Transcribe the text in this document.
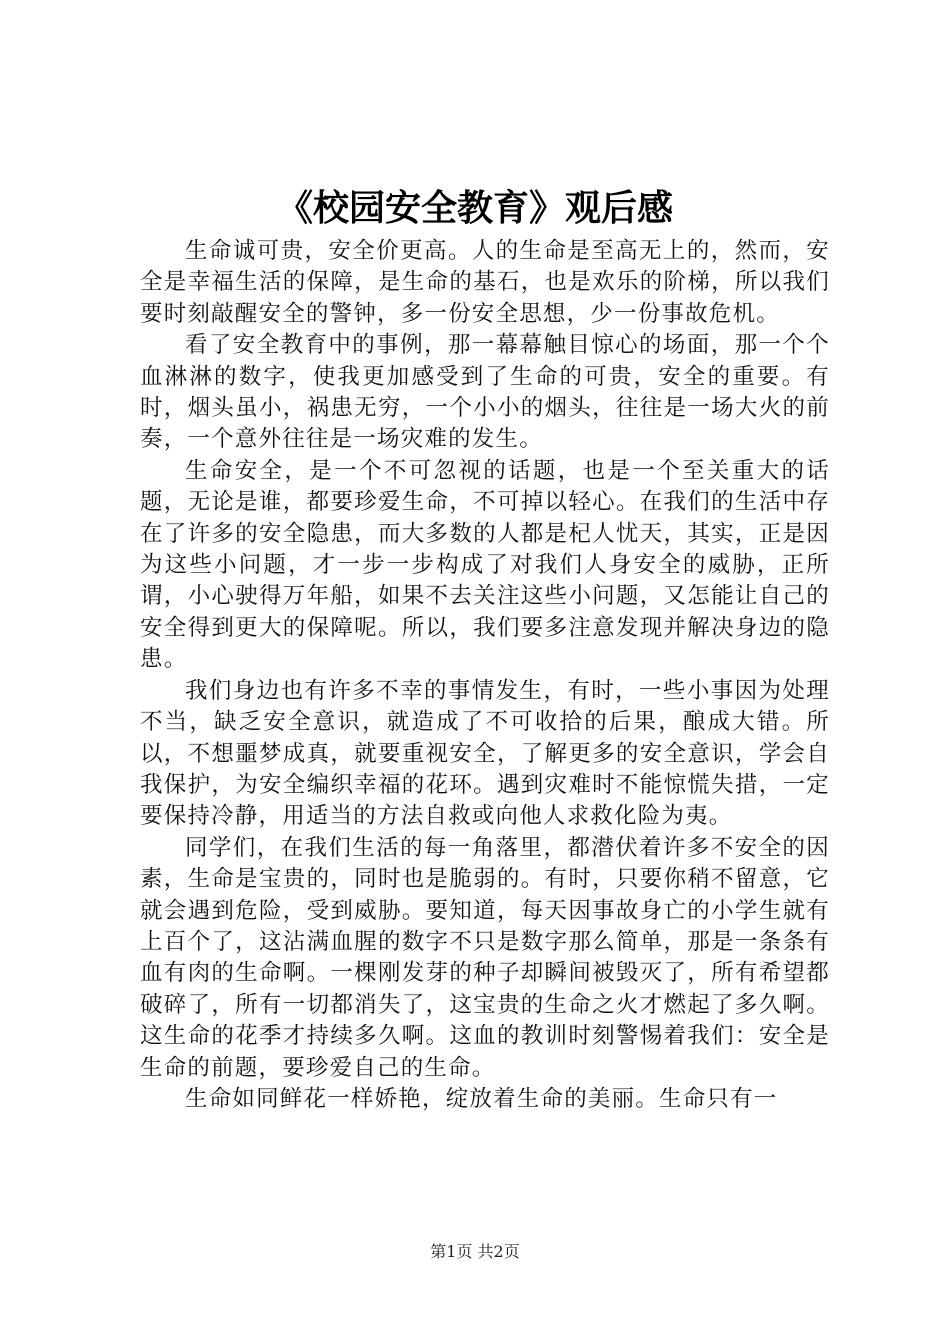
《校园安全教育》观后感

生命诚可贵，安全价更高。人的生命是至高无上的，然而，安全是幸福生活的保障，是生命的基石，也是欢乐的阶梯，所以我们要时刻敲醒安全的警钟，多一份安全思想，少一份事故危机。

看了安全教育中的事例，那一幕幕触目惊心的场面，那一个个血淋淋的数字，使我更加感受到了生命的可贵，安全的重要。有时，烟头虽小，祸患无穷，一个小小的烟头，往往是一场大火的前奏，一个意外往往是一场灾难的发生。

生命安全，是一个不可忽视的话题，也是一个至关重大的话题，无论是谁，都要珍爱生命，不可掉以轻心。在我们的生活中存在了许多的安全隐患，而大多数的人都是杞人忧天，其实，正是因为这些小问题，才一步一步构成了对我们人身安全的威胁，正所谓，小心驶得万年船，如果不去关注这些小问题，又怎能让自己的安全得到更大的保障呢。所以，我们要多注意发现并解决身边的隐患。

我们身边也有许多不幸的事情发生，有时，一些小事因为处理不当，缺乏安全意识，就造成了不可收拾的后果，酿成大错。所以，不想噩梦成真，就要重视安全，了解更多的安全意识，学会自我保护，为安全编织幸福的花环。遇到灾难时不能惊慌失措，一定要保持冷静，用适当的方法自救或向他人求救化险为夷。

同学们，在我们生活的每一角落里，都潜伏着许多不安全的因素，生命是宝贵的，同时也是脆弱的。有时，只要你稍不留意，它就会遇到危险，受到威胁。要知道，每天因事故身亡的小学生就有上百个了，这沾满血腥的数字不只是数字那么简单，那是一条条有血有肉的生命啊。一棵刚发芽的种子却瞬间被毁灭了，所有希望都破碎了，所有一切都消失了，这宝贵的生命之火才燃起了多久啊。这生命的花季才持续多久啊。这血的教训时刻警惕着我们：安全是生命的前题，要珍爱自己的生命。

生命如同鲜花一样娇艳，绽放着生命的美丽。生命只有一

第1页 共2页
